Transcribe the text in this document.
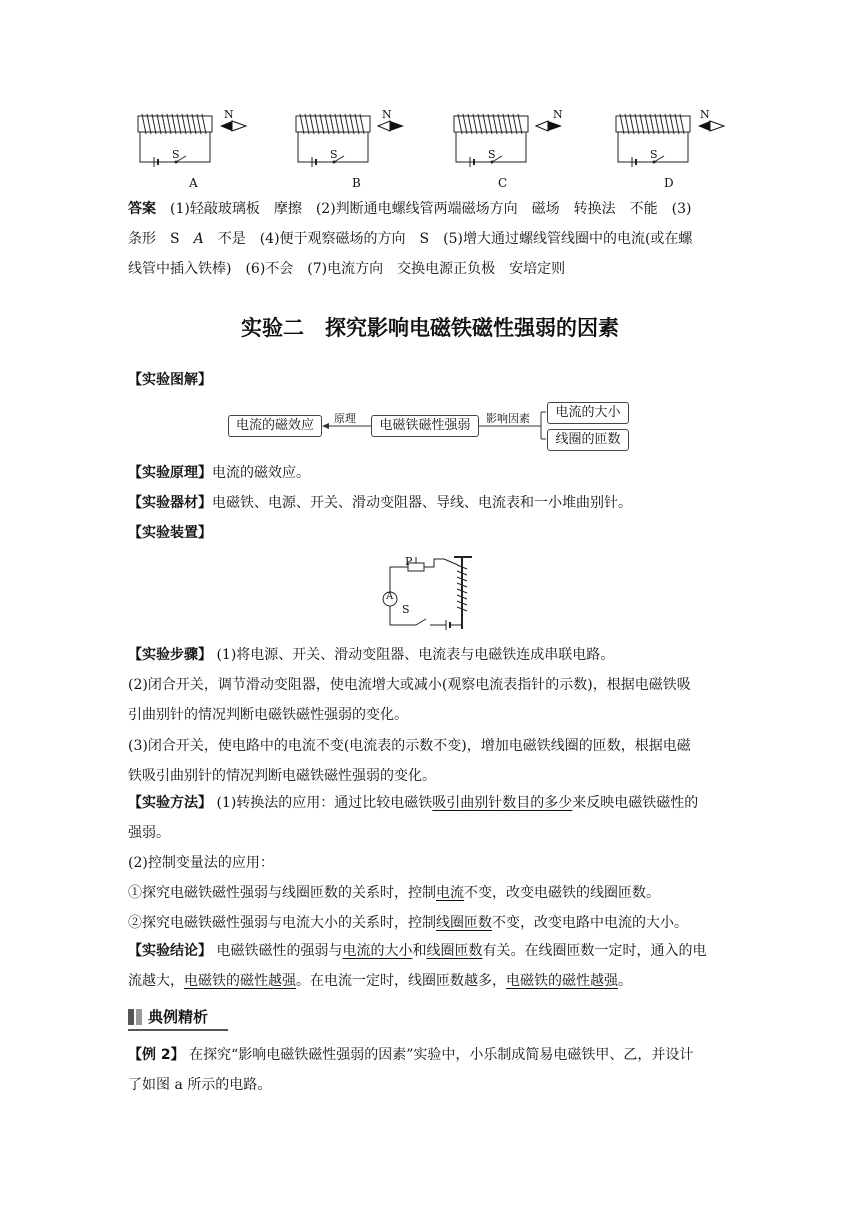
N	N	N	N
S	S	S	S
A	B	C	D
答案　 (1)轻敲玻璃板　摩擦　(2)判断通电螺线管两端磁场方向　磁场　转换法　不能　(3)
条形　S　A　不是　(4)便于观察磁场的方向　S　(5)增大通过螺线管线圈中的电流(或在螺
线管中插入铁棒)　(6)不会　(7)电流方向　交换电源正负极　安培定则
实验二　探究影响电磁铁磁性强弱的因素
【实验图解】
电流的磁效应	电磁铁磁性强弱
电流的大小
线圈的匝数
原理	影响因素
【实验原理】电流的磁效应。
【实验器材】电磁铁、电源、开关、滑动变阻器、导线、电流表和一小堆曲别针。
【实验装置】
P
A
S
【实验步骤】 (1)将电源、开关、滑动变阻器、电流表与电磁铁连成串联电路。
(2)闭合开关，调节滑动变阻器，使电流增大或减小(观察电流表指针的示数)，根据电磁铁吸
引曲别针的情况判断电磁铁磁性强弱的变化。
(3)闭合开关，使电路中的电流不变(电流表的示数不变)，增加电磁铁线圈的匝数，根据电磁
铁吸引曲别针的情况判断电磁铁磁性强弱的变化。
【实验方法】 (1)转换法的应用：通过比较电磁铁吸引曲别针数目的多少来反映电磁铁磁性的
强弱。
(2)控制变量法的应用：
①探究电磁铁磁性强弱与线圈匝数的关系时，控制电流不变，改变电磁铁的线圈匝数。
②探究电磁铁磁性强弱与电流大小的关系时，控制线圈匝数不变，改变电路中电流的大小。
【实验结论】 电磁铁磁性的强弱与电流的大小和线圈匝数有关。在线圈匝数一定时，通入的电
流越大，电磁铁的磁性越强。在电流一定时，线圈匝数越多，电磁铁的磁性越强。
典例精析
【例 2】 在探究“影响电磁铁磁性强弱的因素”实验中，小乐制成简易电磁铁甲、乙，并设计
了如图 a 所示的电路。
